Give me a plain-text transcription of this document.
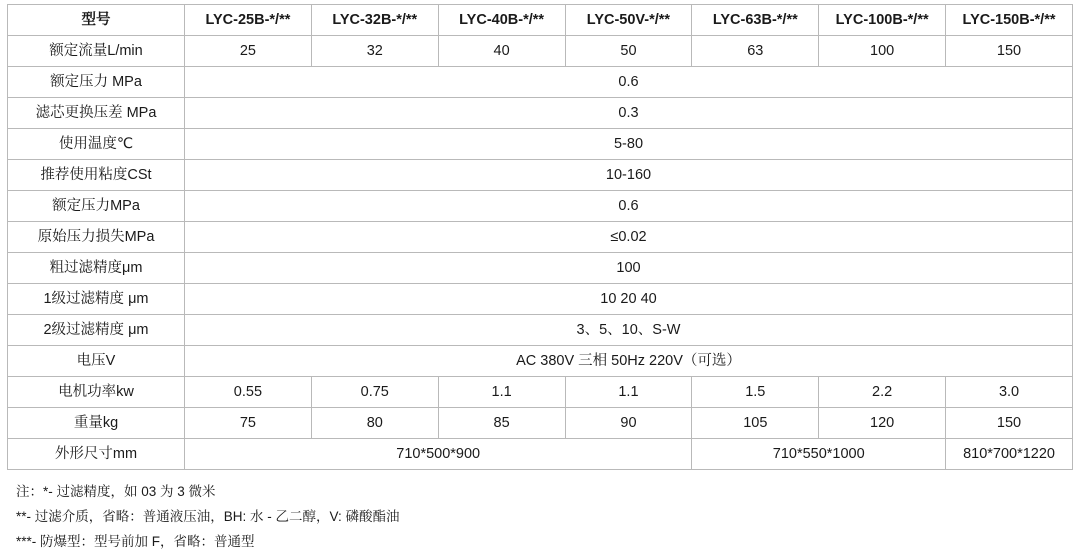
型号	LYC-25B-*/**	LYC-32B-*/**	LYC-40B-*/**	LYC-50V-*/**	LYC-63B-*/**	LYC-100B-*/**	LYC-150B-*/**
额定流量L/min	25	32	40	50	63	100	150
额定压力 MPa	0.6						
滤芯更换压差 MPa	0.3						
使用温度℃	5-80						
推荐使用粘度CSt	10-160						
额定压力MPa	0.6						
原始压力损失MPa	≤0.02						
粗过滤精度μm	100						
1级过滤精度 μm	10 20 40						
2级过滤精度 μm	3、5、10、S-W						
电压V	AC 380V 三相 50Hz 220V（可选）						
电机功率kw	0.55	0.75	1.1	1.1	1.5	2.2	3.0
重量kg	75	80	85	90	105	120	150
外形尺寸mm	710*500*900				710*550*1000		810*700*1220
注：*- 过滤精度，如 03 为 3 微米
**- 过滤介质，省略：普通液压油，BH: 水 - 乙二醇，V: 磷酸酯油
***- 防爆型：型号前加 F，省略：普通型
